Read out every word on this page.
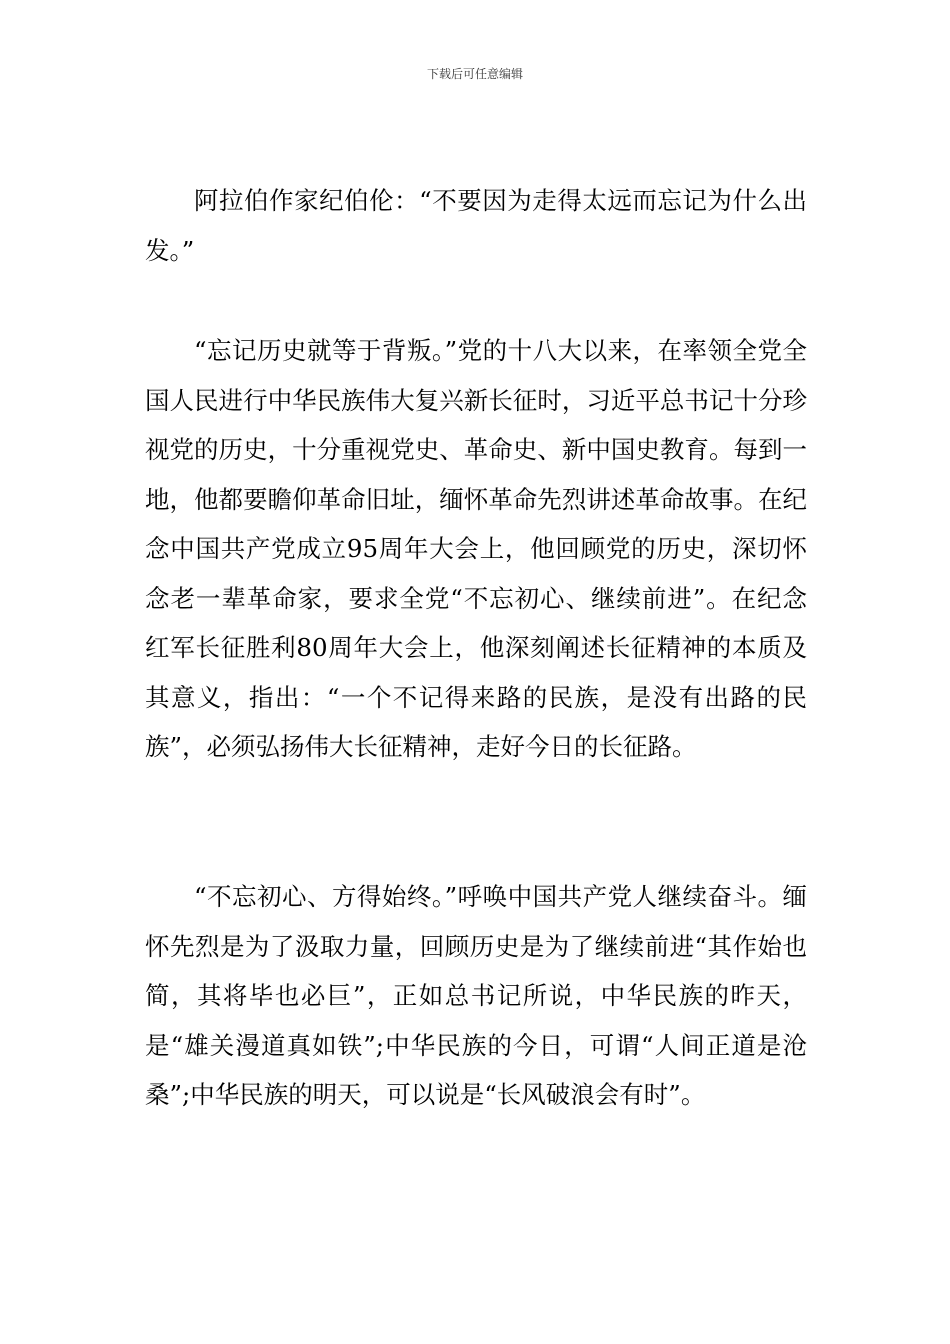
下载后可任意编辑

阿拉伯作家纪伯伦：“不要因为走得太远而忘记为什么出发。”

“忘记历史就等于背叛。”党的十八大以来，在率领全党全国人民进行中华民族伟大复兴新长征时，习近平总书记十分珍视党的历史，十分重视党史、革命史、新中国史教育。每到一地，他都要瞻仰革命旧址，缅怀革命先烈讲述革命故事。在纪念中国共产党成立95周年大会上，他回顾党的历史，深切怀念老一辈革命家，要求全党“不忘初心、继续前进”。在纪念红军长征胜利80周年大会上，他深刻阐述长征精神的本质及其意义，指出：“一个不记得来路的民族，是没有出路的民族”，必须弘扬伟大长征精神，走好今日的长征路。

“不忘初心、方得始终。”呼唤中国共产党人继续奋斗。缅怀先烈是为了汲取力量，回顾历史是为了继续前进“其作始也简，其将毕也必巨”，正如总书记所说，中华民族的昨天，是“雄关漫道真如铁”;中华民族的今日，可谓“人间正道是沧桑”;中华民族的明天，可以说是“长风破浪会有时”。
